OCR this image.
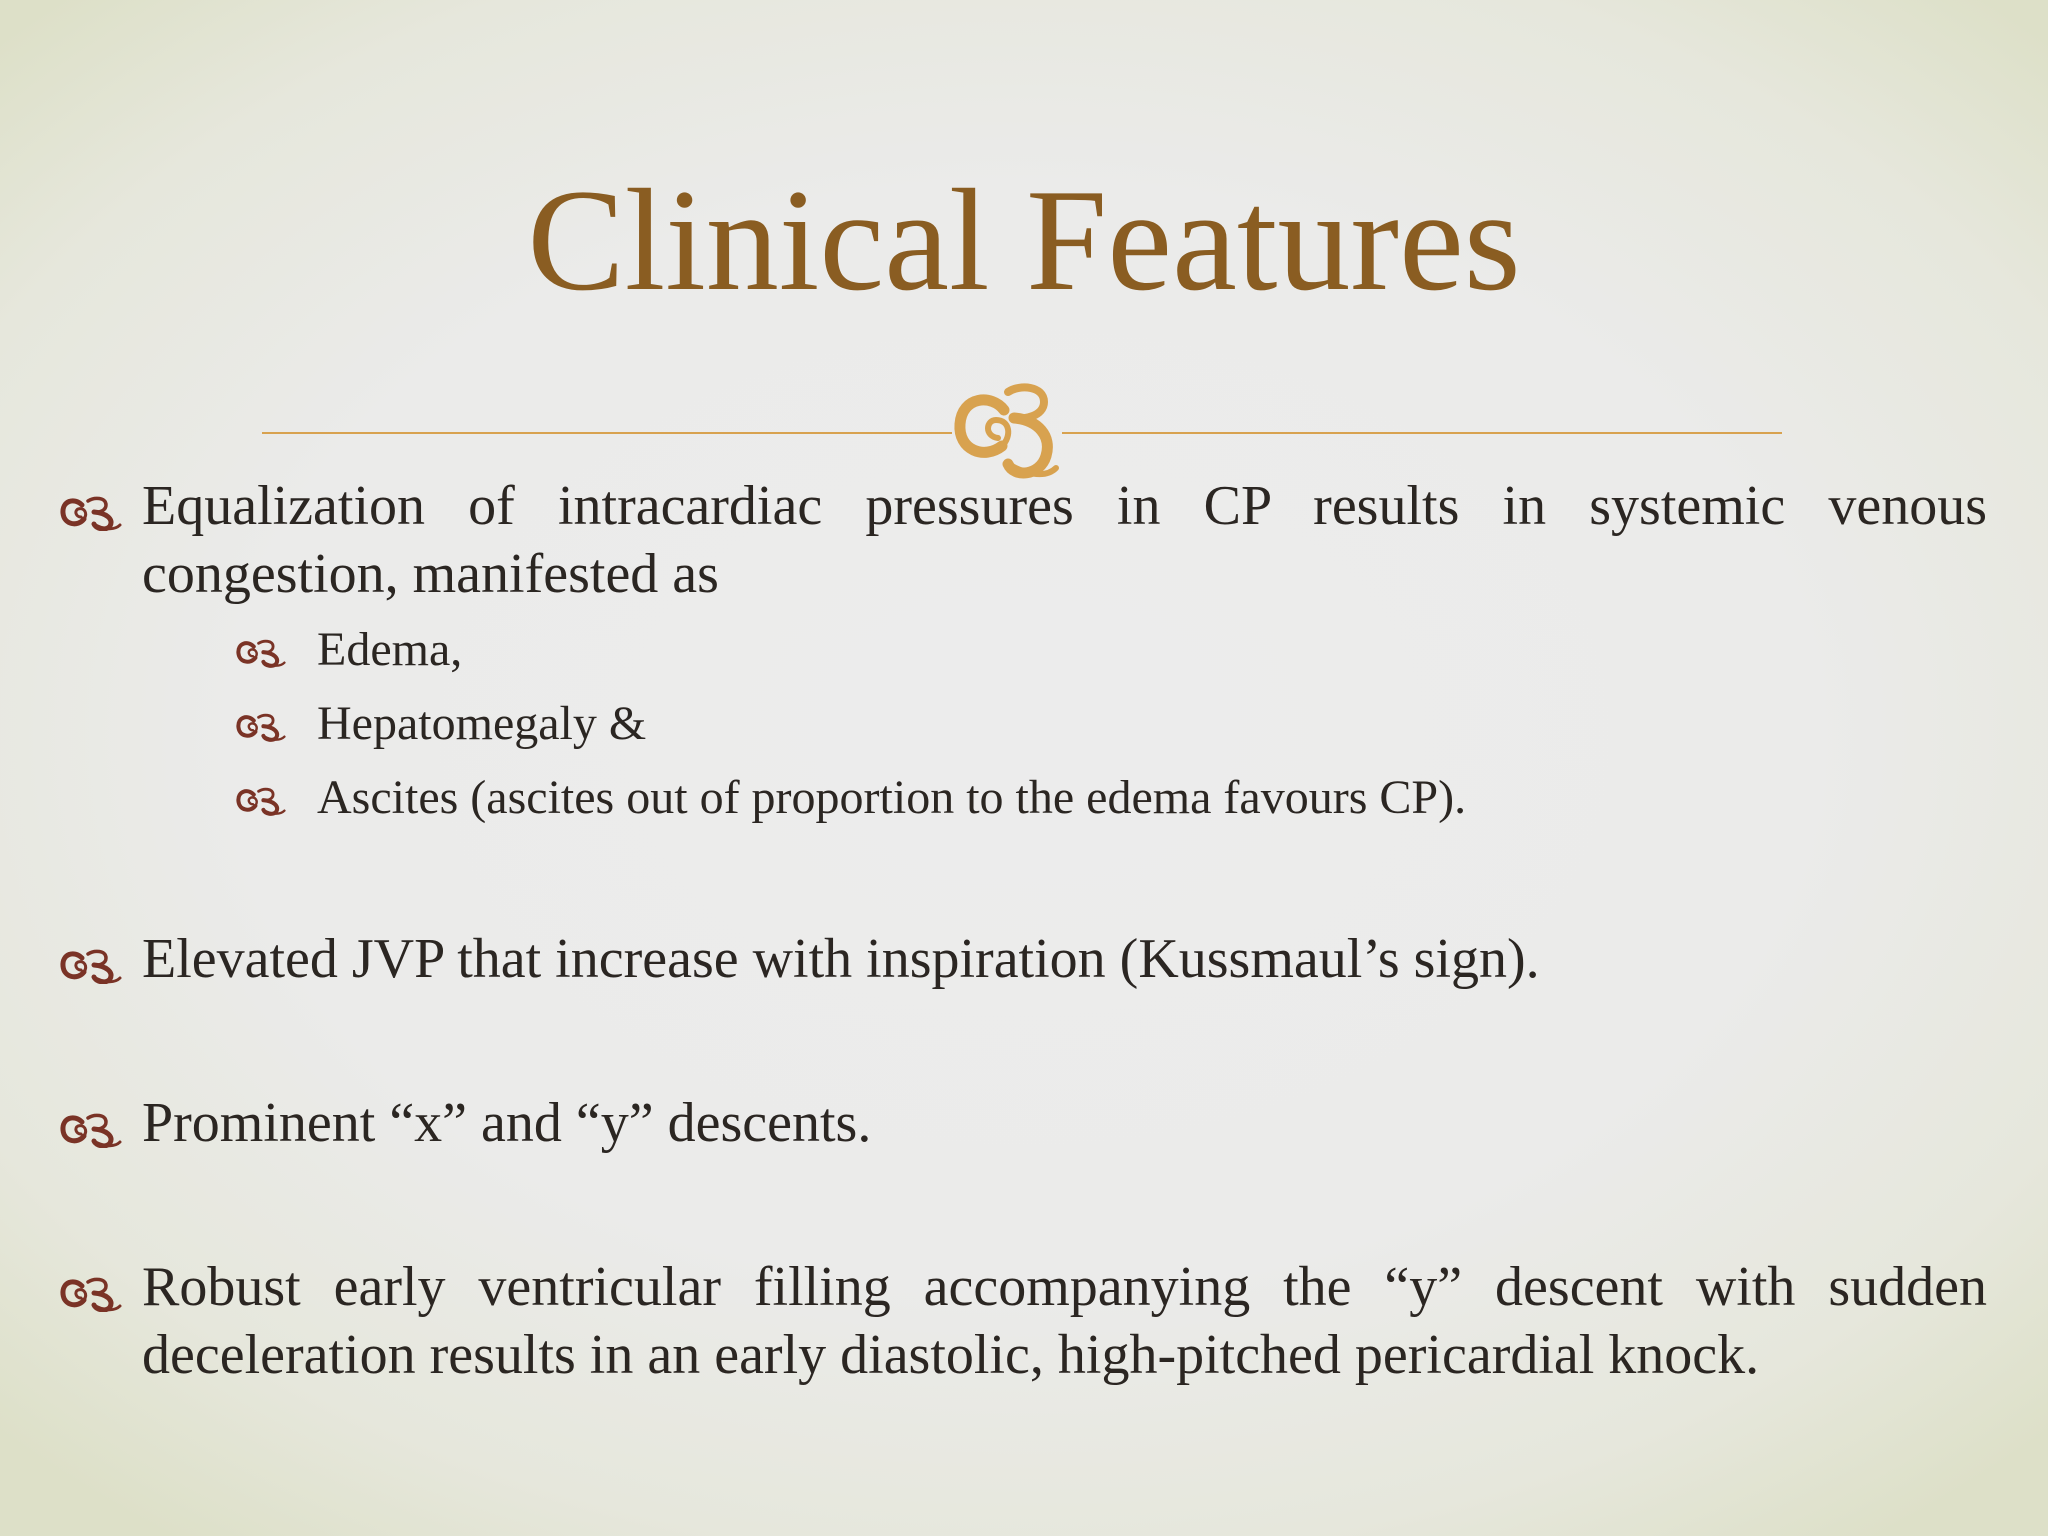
Clinical Features
Equalization of intracardiac pressures in CP results in systemic venous congestion, manifested as
Edema,
Hepatomegaly &
Ascites (ascites out of proportion to the edema favours CP).
Elevated JVP that increase with inspiration (Kussmaul’s sign).
Prominent “x” and “y” descents.
Robust early ventricular filling accompanying the “y” descent with sudden deceleration results in an early diastolic, high-pitched pericardial knock.
